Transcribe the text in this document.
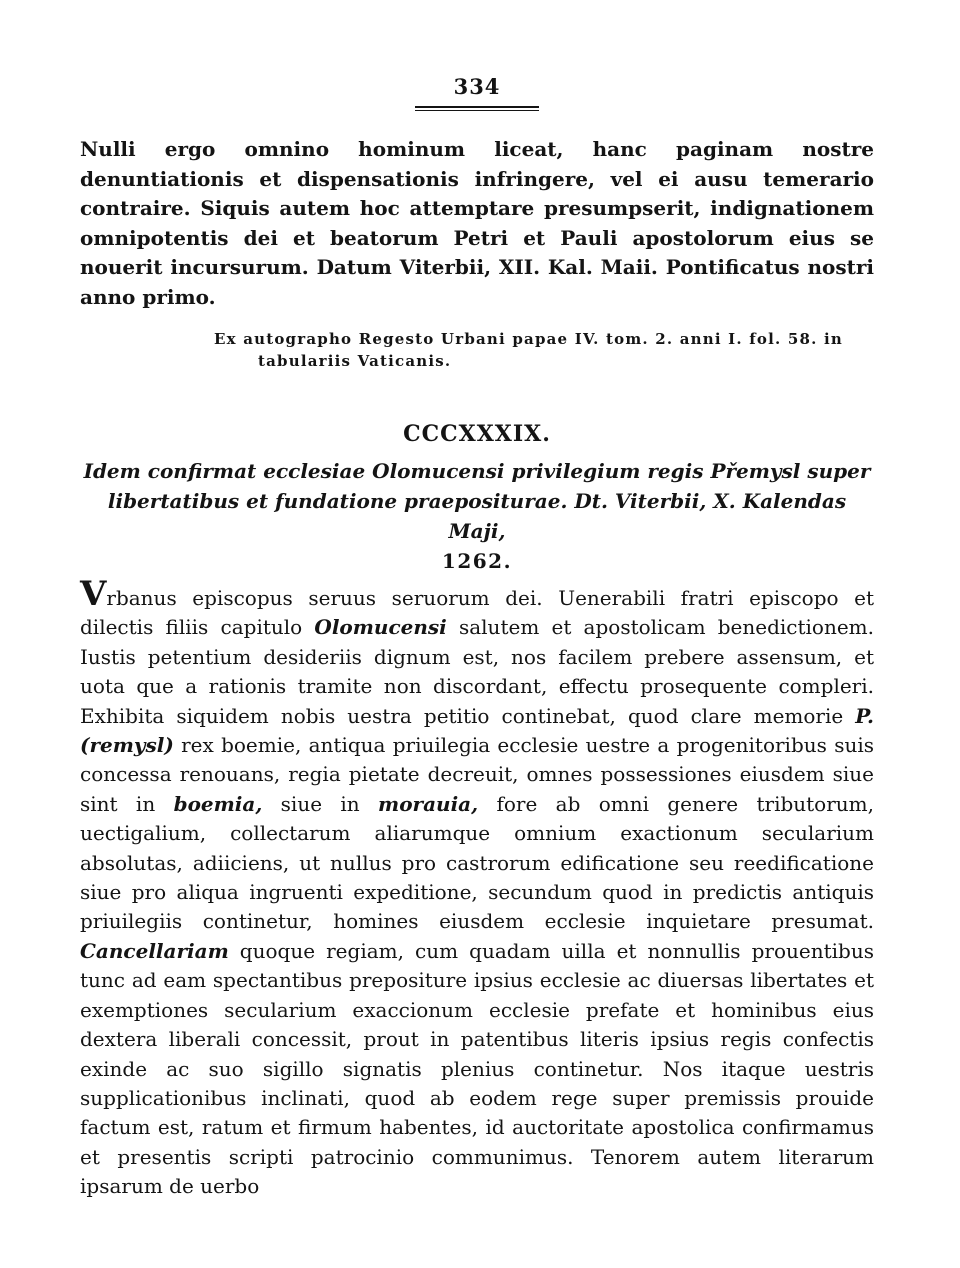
334

Nulli ergo omnino hominum liceat, hanc paginam nostre denuntiationis et dispensationis infringere, vel ei ausu temerario contraire. Siquis autem hoc attemptare presumpserit, indignationem omnipotentis dei et beatorum Petri et Pauli apostolorum eius se nouerit incursurum. Datum Viterbii, XII. Kal. Maii. Pontificatus nostri anno primo.

Ex autographo Regesto Urbani papae IV. tom. 2. anni I. fol. 58. in
tabulariis Vaticanis.
CCCXXXIX.
Idem confirmat ecclesiae Olomucensi privilegium regis Přemysl super libertatibus et fundatione praepositurae. Dt. Viterbii, X. Kalendas Maji,
1262.

Vrbanus episcopus seruus seruorum dei. Uenerabili fratri episcopo et dilectis filiis capitulo Olomucensi salutem et apostolicam benedictionem. Iustis petentium desideriis dignum est, nos facilem prebere assensum, et uota que a rationis tramite non discordant, effectu prosequente compleri. Exhibita siquidem nobis uestra petitio continebat, quod clare memorie P.(remysl) rex boemie, antiqua priuilegia ecclesie uestre a progenitoribus suis concessa renouans, regia pietate decreuit, omnes possessiones eiusdem siue sint in boemia, siue in morauia, fore ab omni genere tributorum, uectigalium, collectarum aliarumque omnium exactionum secularium absolutas, adiiciens, ut nullus pro castrorum edificatione seu reedificatione siue pro aliqua ingruenti expeditione, secundum quod in predictis antiquis priuilegiis continetur, homines eiusdem ecclesie inquietare presumat. Cancellariam quoque regiam, cum quadam uilla et nonnullis prouentibus tunc ad eam spectantibus prepositure ipsius ecclesie ac diuersas libertates et exemptiones secularium exaccionum ecclesie prefate et hominibus eius dextera liberali concessit, prout in patentibus literis ipsius regis confectis exinde ac suo sigillo signatis plenius continetur. Nos itaque uestris supplicationibus inclinati, quod ab eodem rege super premissis prouide factum est, ratum et firmum habentes, id auctoritate apostolica confirmamus et presentis scripti patrocinio communimus. Tenorem autem literarum ipsarum de uerbo
